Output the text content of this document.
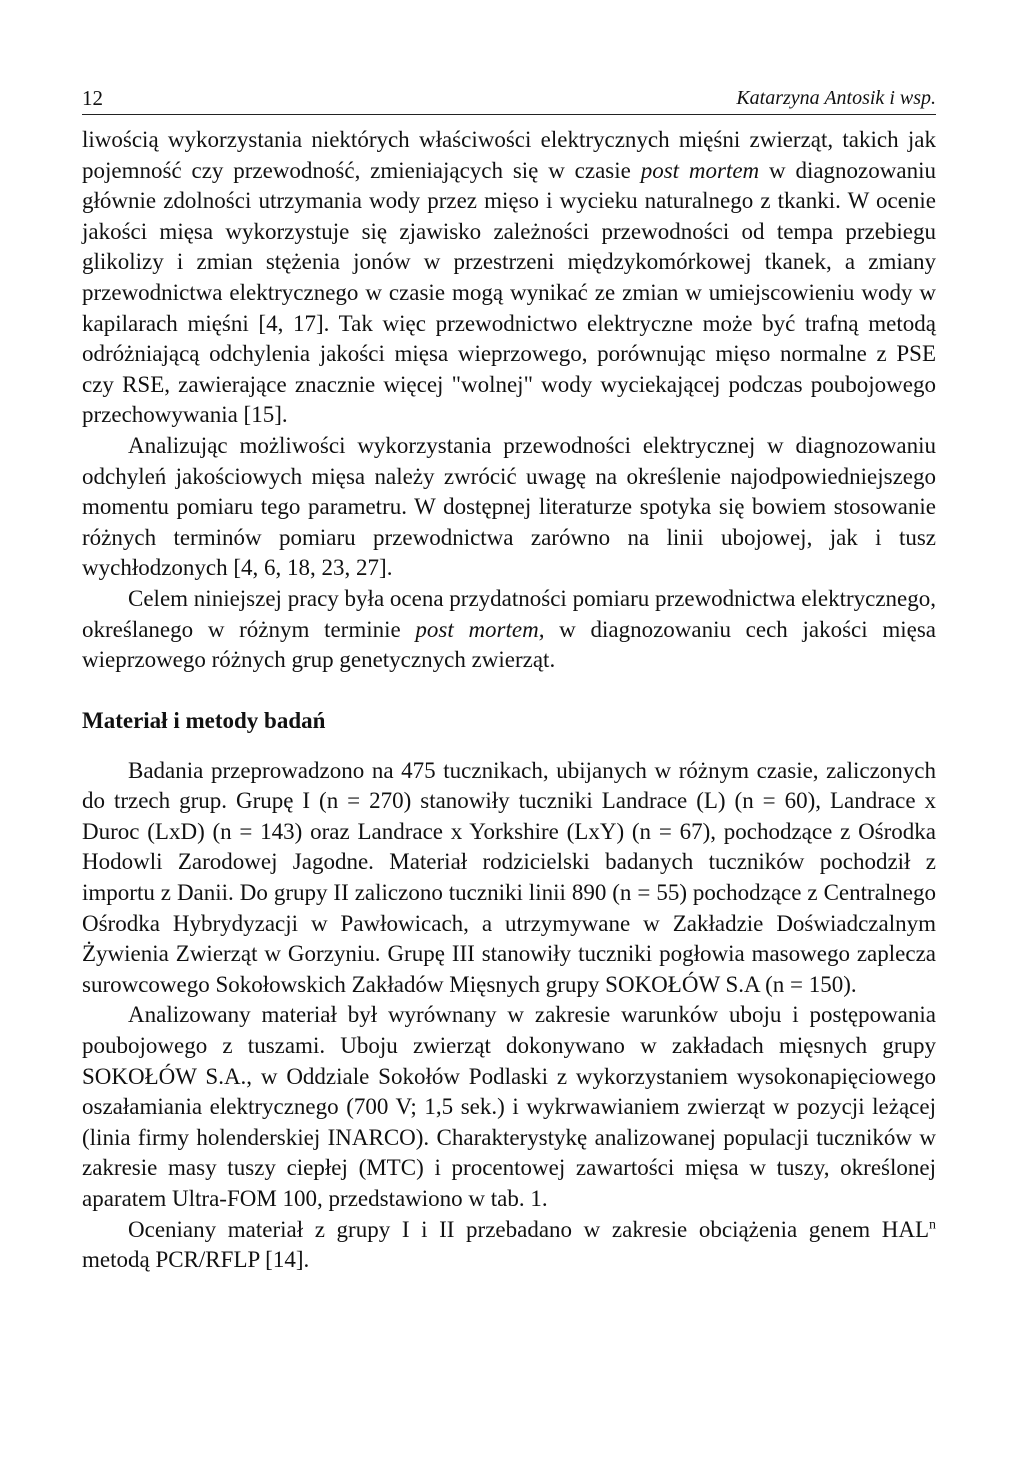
12	Katarzyna Antosik i wsp.

liwością wykorzystania niektórych właściwości elektrycznych mięśni zwierząt, takich jak pojemność czy przewodność, zmieniających się w czasie post mortem w diagnozowaniu głównie zdolności utrzymania wody przez mięso i wycieku naturalnego z tkanki. W ocenie jakości mięsa wykorzystuje się zjawisko zależności przewodności od tempa przebiegu glikolizy i zmian stężenia jonów w przestrzeni międzykomórkowej tkanek, a zmiany przewodnictwa elektrycznego w czasie mogą wynikać ze zmian w umiejscowieniu wody w kapilarach mięśni [4, 17]. Tak więc przewodnictwo elektryczne może być trafną metodą odróżniającą odchylenia jakości mięsa wieprzowego, porównując mięso normalne z PSE czy RSE, zawierające znacznie więcej "wolnej" wody wyciekającej podczas poubojowego przechowywania [15].

Analizując możliwości wykorzystania przewodności elektrycznej w diagnozowaniu odchyleń jakościowych mięsa należy zwrócić uwagę na określenie najodpowiedniejszego momentu pomiaru tego parametru. W dostępnej literaturze spotyka się bowiem stosowanie różnych terminów pomiaru przewodnictwa zarówno na linii ubojowej, jak i tusz wychłodzonych [4, 6, 18, 23, 27].

Celem niniejszej pracy była ocena przydatności pomiaru przewodnictwa elektrycznego, określanego w różnym terminie post mortem, w diagnozowaniu cech jakości mięsa wieprzowego różnych grup genetycznych zwierząt.

Materiał i metody badań

Badania przeprowadzono na 475 tucznikach, ubijanych w różnym czasie, zaliczonych do trzech grup. Grupę I (n = 270) stanowiły tuczniki Landrace (L) (n = 60), Landrace x Duroc (LxD) (n = 143) oraz Landrace x Yorkshire (LxY) (n = 67), pochodzące z Ośrodka Hodowli Zarodowej Jagodne. Materiał rodzicielski badanych tuczników pochodził z importu z Danii. Do grupy II zaliczono tuczniki linii 890 (n = 55) pochodzące z Centralnego Ośrodka Hybrydyzacji w Pawłowicach, a utrzymywane w Zakładzie Doświadczalnym Żywienia Zwierząt w Gorzyniu. Grupę III stanowiły tuczniki pogłowia masowego zaplecza surowcowego Sokołowskich Zakładów Mięsnych grupy SOKOŁÓW S.A (n = 150).

Analizowany materiał był wyrównany w zakresie warunków uboju i postępowania poubojowego z tuszami. Uboju zwierząt dokonywano w zakładach mięsnych grupy SOKOŁÓW S.A., w Oddziale Sokołów Podlaski z wykorzystaniem wysokonapięciowego oszałamiania elektrycznego (700 V; 1,5 sek.) i wykrwawianiem zwierząt w pozycji leżącej (linia firmy holenderskiej INARCO). Charakterystykę analizowanej populacji tuczników w zakresie masy tuszy ciepłej (MTC) i procentowej zawartości mięsa w tuszy, określonej aparatem Ultra-FOM 100, przedstawiono w tab. 1.

Oceniany materiał z grupy I i II przebadano w zakresie obciążenia genem HAL$^n$ metodą PCR/RFLP [14].
